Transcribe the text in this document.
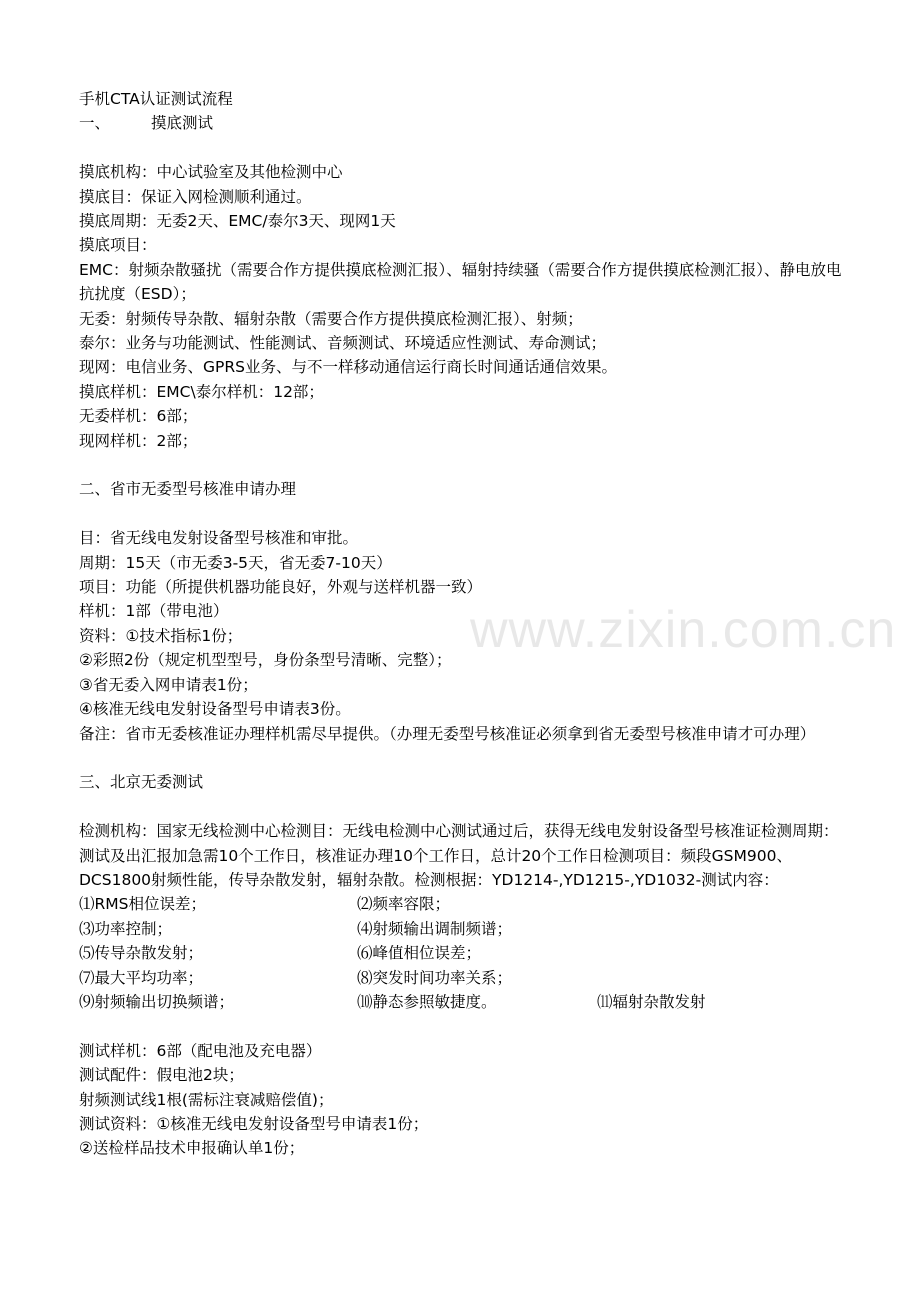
手机CTA认证测试流程

一、	摸底测试

摸底机构：中心试验室及其他检测中心

摸底目：保证入网检测顺利通过。

摸底周期：无委2天、EMC/泰尔3天、现网1天

摸底项目：

EMC：射频杂散骚扰（需要合作方提供摸底检测汇报）、辐射持续骚（需要合作方提供摸底检测汇报）、静电放电抗扰度（ESD）；

无委：射频传导杂散、辐射杂散（需要合作方提供摸底检测汇报）、射频；

泰尔：业务与功能测试、性能测试、音频测试、环境适应性测试、寿命测试；

现网：电信业务、GPRS业务、与不一样移动通信运行商长时间通话通信效果。

摸底样机：EMC\泰尔样机：12部；

无委样机：6部；

现网样机：2部；

二、省市无委型号核准申请办理

目：省无线电发射设备型号核准和审批。

周期：15天（市无委3-5天，省无委7-10天）

项目：功能（所提供机器功能良好，外观与送样机器一致）

样机：1部（带电池）

资料：①技术指标1份；

②彩照2份（规定机型型号，身份条型号清晰、完整）；

③省无委入网申请表1份；

④核准无线电发射设备型号申请表3份。

备注：省市无委核准证办理样机需尽早提供。（办理无委型号核准证必须拿到省无委型号核准申请才可办理）

三、北京无委测试

检测机构：国家无线检测中心检测目：无线电检测中心测试通过后，获得无线电发射设备型号核准证检测周期：测试及出汇报加急需10个工作日，核准证办理10个工作日，总计20个工作日检测项目：频段GSM900、DCS1800射频性能，传导杂散发射，辐射杂散。检测根据：YD1214-,YD1215-,YD1032-测试内容：

⑴RMS相位误差；	⑵频率容限；
⑶功率控制；	⑷射频输出调制频谱；
⑸传导杂散发射；	⑹峰值相位误差；
⑺最大平均功率；	⑻突发时间功率关系；
⑼射频输出切换频谱；	⑽静态参照敏捷度。	⑾辐射杂散发射

测试样机：6部（配电池及充电器）

测试配件：假电池2块；

射频测试线1根(需标注衰减赔偿值)；

测试资料：①核准无线电发射设备型号申请表1份；

②送检样品技术申报确认单1份；

www.zixin.com.cn
